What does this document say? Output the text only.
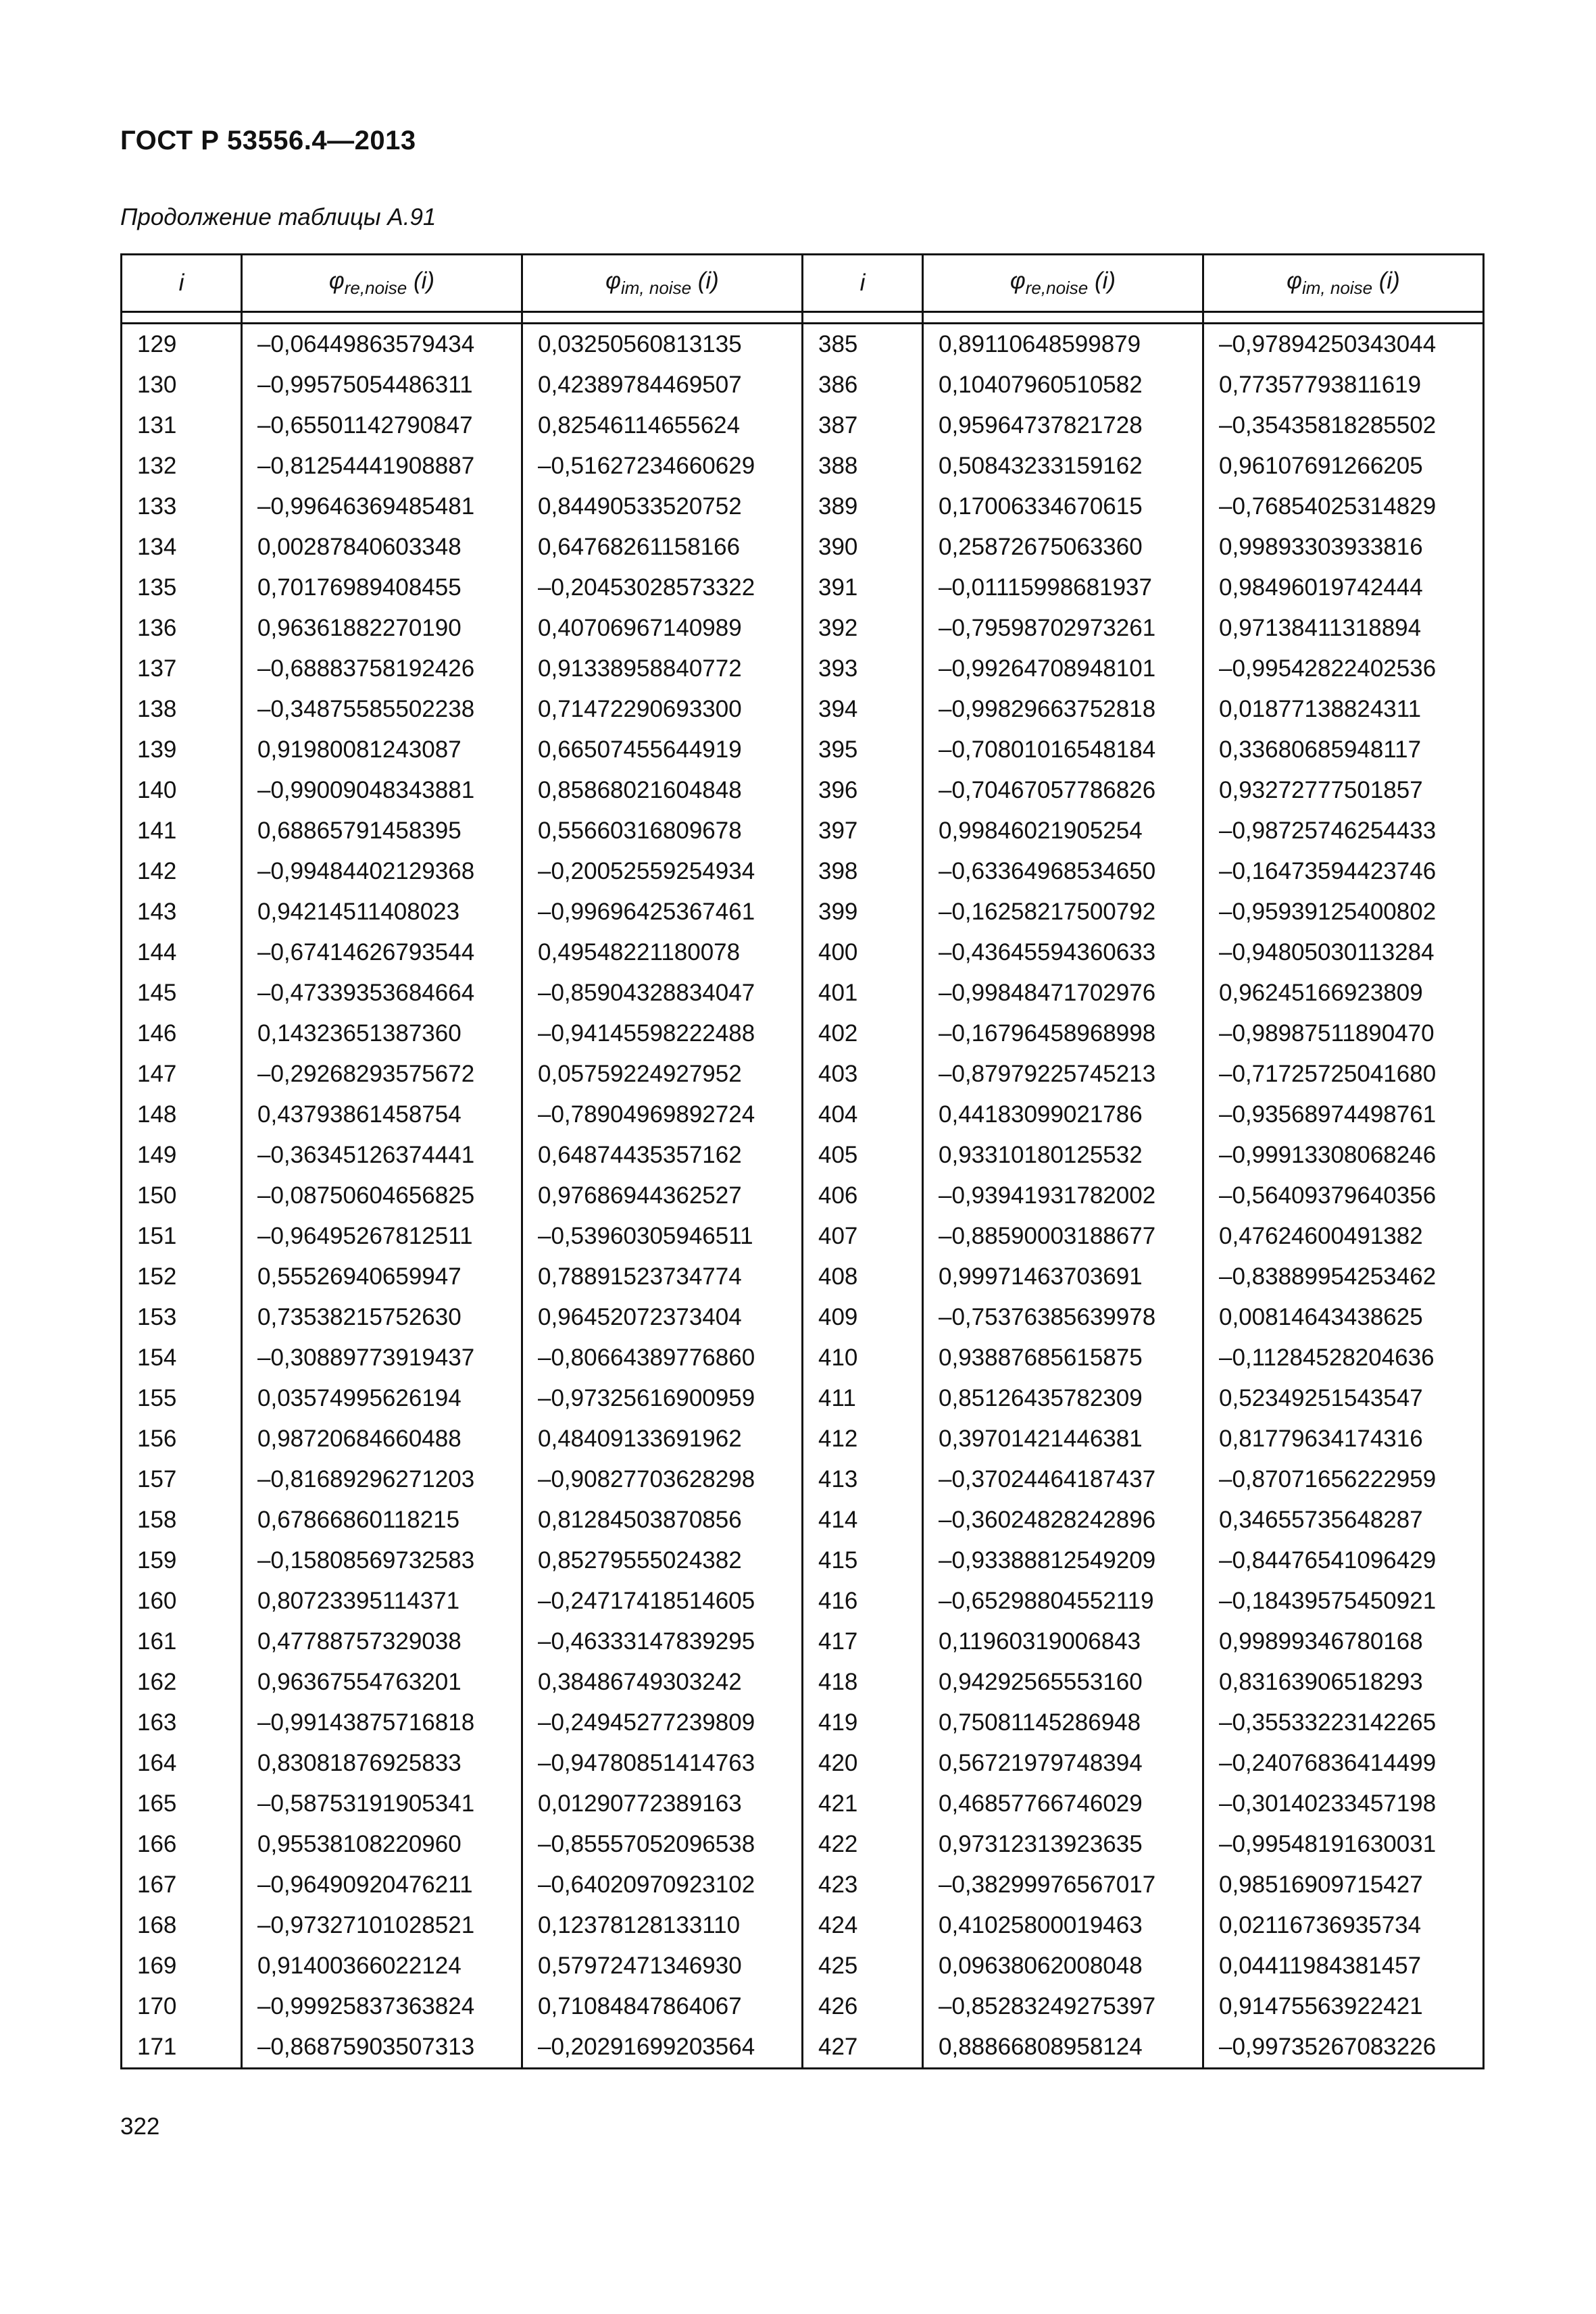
ГОСТ Р 53556.4—2013
Продолжение таблицы А.91
i	$\varphi_{re,noise}$ (i)	$\varphi_{im, noise}$ (i)	i	$\varphi_{re,noise}$ (i)	$\varphi_{im, noise}$ (i)

129	–0,06449863579434	0,03250560813135	385	0,89110648599879	–0,97894250343044
130	–0,99575054486311	0,42389784469507	386	0,10407960510582	0,77357793811619
131	–0,65501142790847	0,82546114655624	387	0,95964737821728	–0,35435818285502
132	–0,81254441908887	–0,51627234660629	388	0,50843233159162	0,96107691266205
133	–0,99646369485481	0,84490533520752	389	0,17006334670615	–0,76854025314829
134	0,00287840603348	0,64768261158166	390	0,25872675063360	0,99893303933816
135	0,70176989408455	–0,20453028573322	391	–0,01115998681937	0,98496019742444
136	0,96361882270190	0,40706967140989	392	–0,79598702973261	0,97138411318894
137	–0,68883758192426	0,91338958840772	393	–0,99264708948101	–0,99542822402536
138	–0,34875585502238	0,71472290693300	394	–0,99829663752818	0,01877138824311
139	0,91980081243087	0,66507455644919	395	–0,70801016548184	0,33680685948117
140	–0,99009048343881	0,85868021604848	396	–0,70467057786826	0,93272777501857
141	0,68865791458395	0,55660316809678	397	0,99846021905254	–0,98725746254433
142	–0,99484402129368	–0,20052559254934	398	–0,63364968534650	–0,16473594423746
143	0,94214511408023	–0,99696425367461	399	–0,16258217500792	–0,95939125400802
144	–0,67414626793544	0,49548221180078	400	–0,43645594360633	–0,94805030113284
145	–0,47339353684664	–0,85904328834047	401	–0,99848471702976	0,96245166923809
146	0,14323651387360	–0,94145598222488	402	–0,16796458968998	–0,98987511890470
147	–0,29268293575672	0,05759224927952	403	–0,87979225745213	–0,71725725041680
148	0,43793861458754	–0,78904969892724	404	0,44183099021786	–0,93568974498761
149	–0,36345126374441	0,64874435357162	405	0,93310180125532	–0,99913308068246
150	–0,08750604656825	0,97686944362527	406	–0,93941931782002	–0,56409379640356
151	–0,96495267812511	–0,53960305946511	407	–0,88590003188677	0,47624600491382
152	0,55526940659947	0,78891523734774	408	0,99971463703691	–0,83889954253462
153	0,73538215752630	0,96452072373404	409	–0,75376385639978	0,00814643438625
154	–0,30889773919437	–0,80664389776860	410	0,93887685615875	–0,11284528204636
155	0,03574995626194	–0,97325616900959	411	0,85126435782309	0,52349251543547
156	0,98720684660488	0,48409133691962	412	0,39701421446381	0,81779634174316
157	–0,81689296271203	–0,90827703628298	413	–0,37024464187437	–0,87071656222959
158	0,67866860118215	0,81284503870856	414	–0,36024828242896	0,34655735648287
159	–0,15808569732583	0,85279555024382	415	–0,93388812549209	–0,84476541096429
160	0,80723395114371	–0,24717418514605	416	–0,65298804552119	–0,18439575450921
161	0,47788757329038	–0,46333147839295	417	0,11960319006843	0,99899346780168
162	0,96367554763201	0,38486749303242	418	0,94292565553160	0,83163906518293
163	–0,99143875716818	–0,24945277239809	419	0,75081145286948	–0,35533223142265
164	0,83081876925833	–0,94780851414763	420	0,56721979748394	–0,24076836414499
165	–0,58753191905341	0,01290772389163	421	0,46857766746029	–0,30140233457198
166	0,95538108220960	–0,85557052096538	422	0,97312313923635	–0,99548191630031
167	–0,96490920476211	–0,64020970923102	423	–0,38299976567017	0,98516909715427
168	–0,97327101028521	0,12378128133110	424	0,41025800019463	0,02116736935734
169	0,91400366022124	0,57972471346930	425	0,09638062008048	0,04411984381457
170	–0,99925837363824	0,71084847864067	426	–0,85283249275397	0,91475563922421
171	–0,86875903507313	–0,20291699203564	427	0,88866808958124	–0,99735267083226
322
